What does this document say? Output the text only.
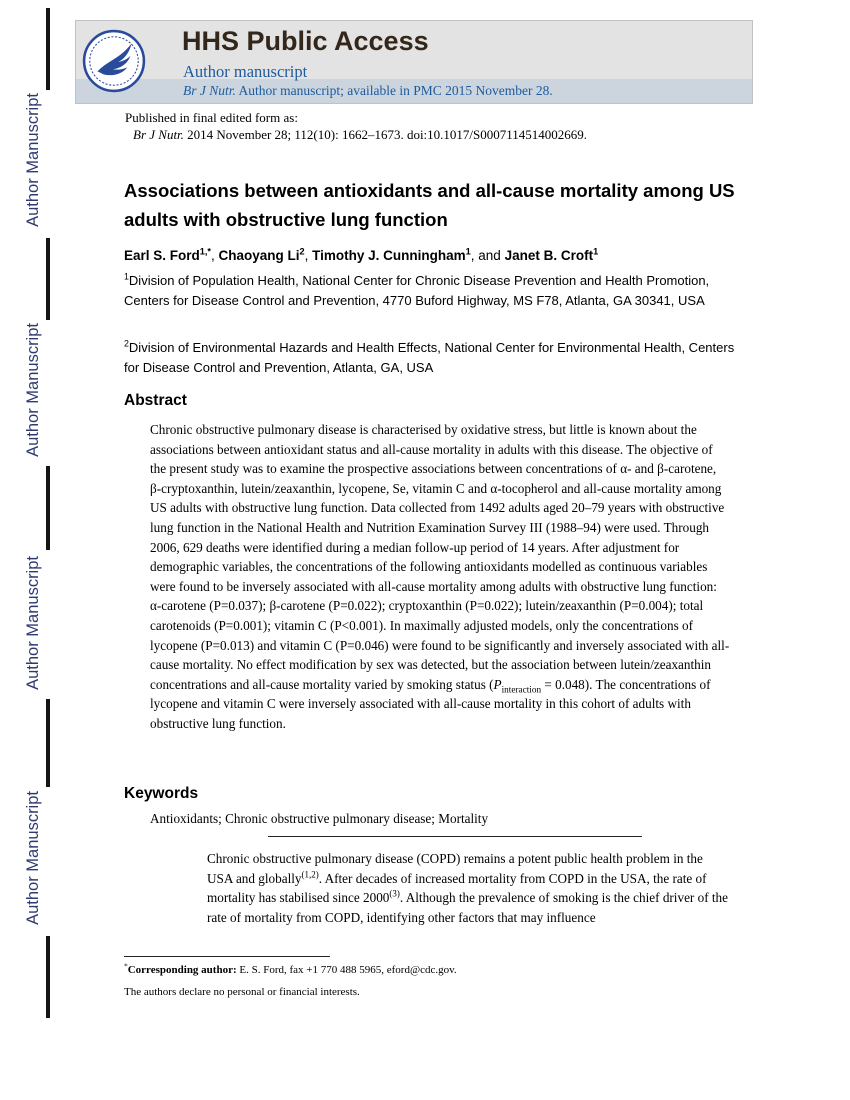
Author Manuscript
Author Manuscript
Author Manuscript
Author Manuscript
HHS Public Access
Author manuscript
Br J Nutr. Author manuscript; available in PMC 2015 November 28.
Published in final edited form as:
Br J Nutr. 2014 November 28; 112(10): 1662–1673. doi:10.1017/S0007114514002669.
Associations between antioxidants and all-cause mortality among US adults with obstructive lung function
Earl S. Ford$^{1,*}$, Chaoyang Li$^2$, Timothy J. Cunningham$^1$, and Janet B. Croft$^1$
$^1$Division of Population Health, National Center for Chronic Disease Prevention and Health Promotion, Centers for Disease Control and Prevention, 4770 Buford Highway, MS F78, Atlanta, GA 30341, USA
$^2$Division of Environmental Hazards and Health Effects, National Center for Environmental Health, Centers for Disease Control and Prevention, Atlanta, GA, USA
Abstract
Chronic obstructive pulmonary disease is characterised by oxidative stress, but little is known about the associations between antioxidant status and all-cause mortality in adults with this disease. The objective of the present study was to examine the prospective associations between concentrations of α- and β-carotene, β-cryptoxanthin, lutein/zeaxanthin, lycopene, Se, vitamin C and α-tocopherol and all-cause mortality among US adults with obstructive lung function. Data collected from 1492 adults aged 20–79 years with obstructive lung function in the National Health and Nutrition Examination Survey III (1988–94) were used. Through 2006, 629 deaths were identified during a median follow-up period of 14 years. After adjustment for demographic variables, the concentrations of the following antioxidants modelled as continuous variables were found to be inversely associated with all-cause mortality among adults with obstructive lung function: α-carotene (P=0.037); β-carotene (P=0.022); cryptoxanthin (P=0.022); lutein/zeaxanthin (P=0.004); total carotenoids (P=0.001); vitamin C (P<0.001). In maximally adjusted models, only the concentrations of lycopene (P=0.013) and vitamin C (P=0.046) were found to be significantly and inversely associated with all-cause mortality. No effect modification by sex was detected, but the association between lutein/zeaxanthin concentrations and all-cause mortality varied by smoking status $(P_{interaction} = 0.048)$. The concentrations of lycopene and vitamin C were inversely associated with all-cause mortality in this cohort of adults with obstructive lung function.
Keywords
Antioxidants; Chronic obstructive pulmonary disease; Mortality
Chronic obstructive pulmonary disease (COPD) remains a potent public health problem in the USA and globally$^{(1,2)}$. After decades of increased mortality from COPD in the USA, the rate of mortality has stabilised since 2000$^{(3)}$. Although the prevalence of smoking is the chief driver of the rate of mortality from COPD, identifying other factors that may influence
*Corresponding author: E. S. Ford, fax +1 770 488 5965, eford@cdc.gov.
The authors declare no personal or financial interests.
